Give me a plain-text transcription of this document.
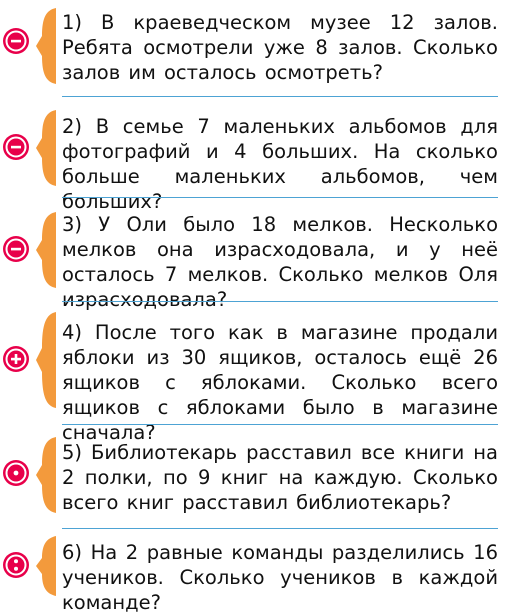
1) В краеведческом музее 12 залов. Ребята осмотрели уже 8 залов. Сколько залов им осталось осмотреть?
2) В семье 7 маленьких альбомов для фотографий и 4 больших. На сколько больше маленьких альбомов, чем больших?
3) У Оли было 18 мелков. Несколько мелков она израсходовала, и у неё осталось 7 мелков. Сколько мелков Оля израсходовала?
4) После того как в магазине продали яблоки из 30 ящиков, осталось ещё 26 ящиков с яблоками. Сколько всего ящиков с яблоками было в магазине сначала?
5) Библиотекарь расставил все книги на 2 полки, по 9 книг на каждую. Сколько всего книг расставил библиотекарь?
6) На 2 равные команды разделились 16 учеников. Сколько учеников в каждой команде?
